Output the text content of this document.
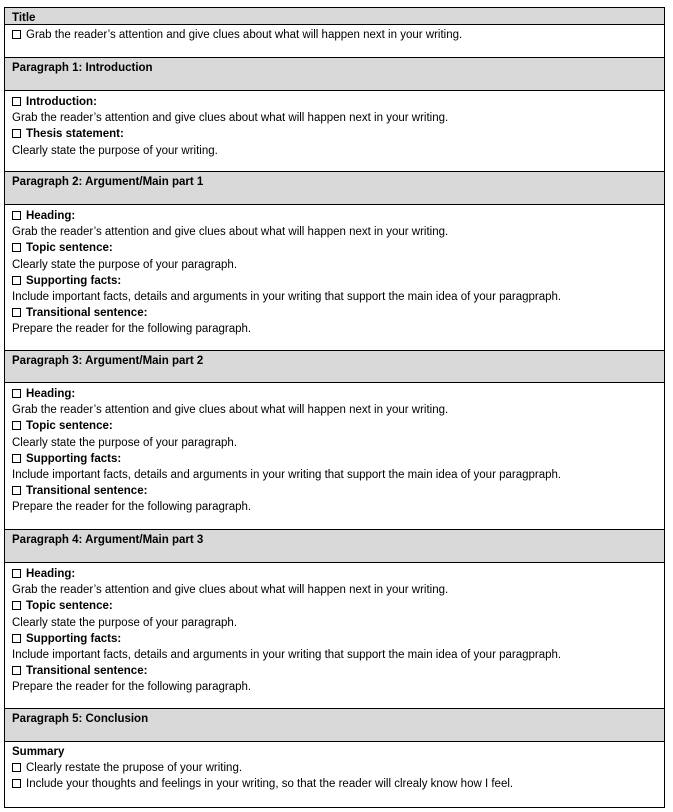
Title
Grab the reader’s attention and give clues about what will happen next in your writing.
Paragraph 1: Introduction
Introduction:
Grab the reader’s attention and give clues about what will happen next in your writing.
Thesis statement:
Clearly state the purpose of your writing.
Paragraph 2: Argument/Main part 1
Heading:
Grab the reader’s attention and give clues about what will happen next in your writing.
Topic sentence:
Clearly state the purpose of your paragraph.
Supporting facts:
Include important facts, details and arguments in your writing that support the main idea of your paragpraph.
Transitional sentence:
Prepare the reader for the following paragraph.
Paragraph 3: Argument/Main part 2
Heading:
Grab the reader’s attention and give clues about what will happen next in your writing.
Topic sentence:
Clearly state the purpose of your paragraph.
Supporting facts:
Include important facts, details and arguments in your writing that support the main idea of your paragpraph.
Transitional sentence:
Prepare the reader for the following paragraph.
Paragraph 4: Argument/Main part 3
Heading:
Grab the reader’s attention and give clues about what will happen next in your writing.
Topic sentence:
Clearly state the purpose of your paragraph.
Supporting facts:
Include important facts, details and arguments in your writing that support the main idea of your paragpraph.
Transitional sentence:
Prepare the reader for the following paragraph.
Paragraph 5: Conclusion
Summary
Clearly restate the prupose of your writing.
Include your thoughts and feelings in your writing, so that the reader will clrealy know how I feel.
